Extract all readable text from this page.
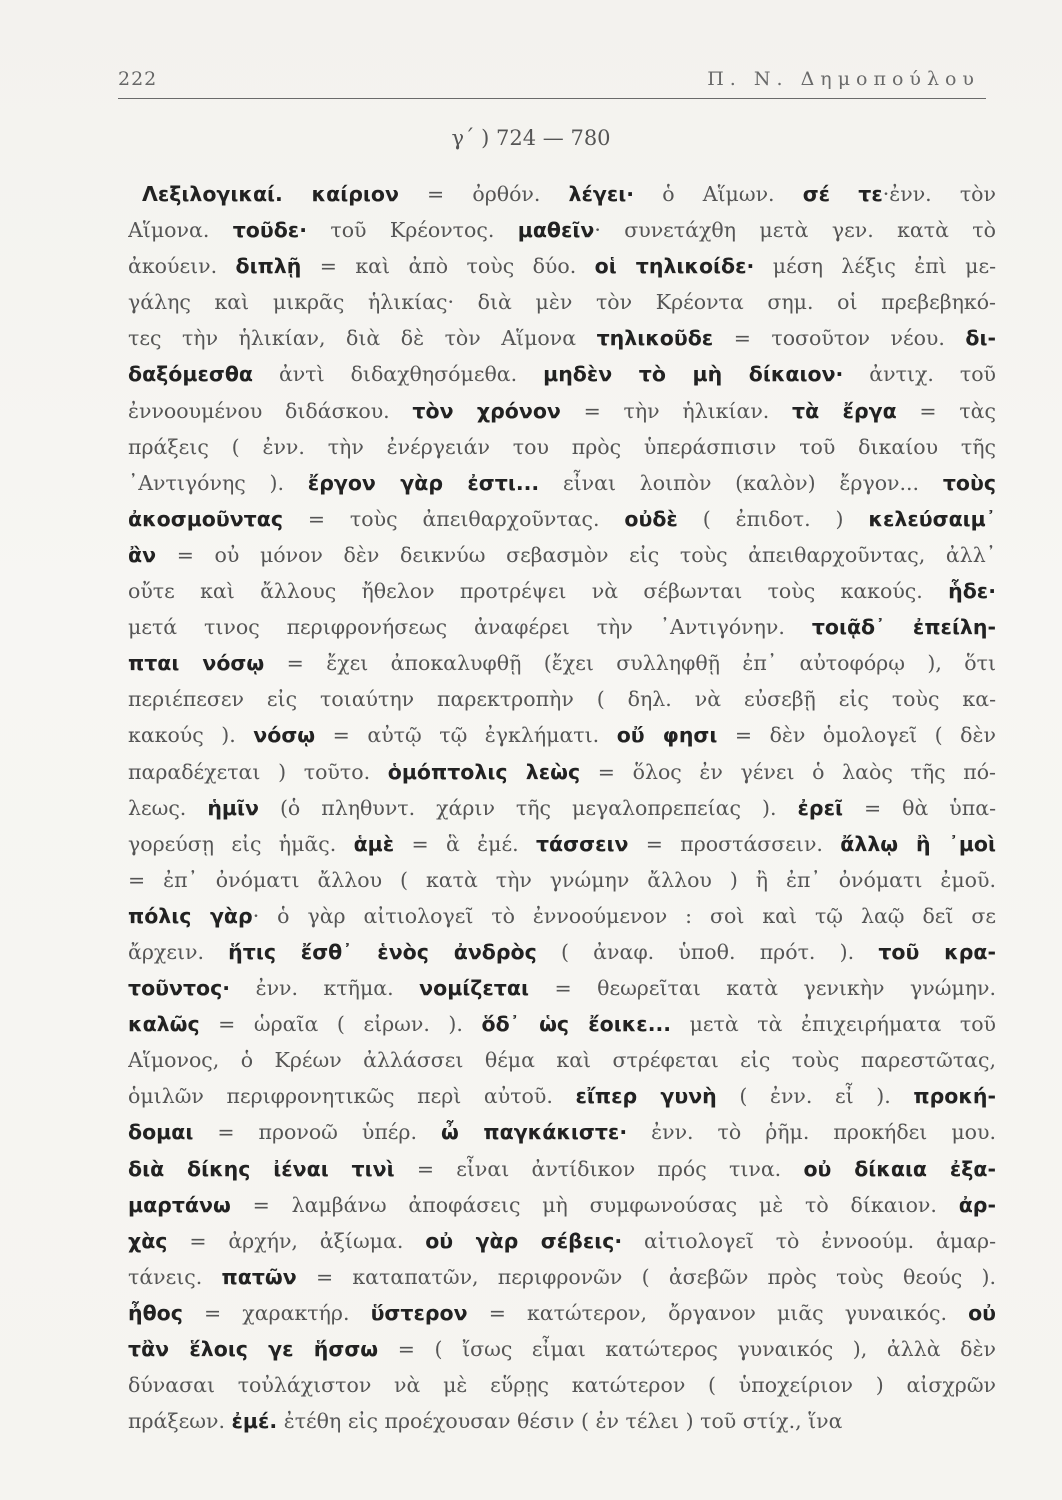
222	Π. Ν. Δημοπούλου
γ΄ ) 724 — 780
Λεξιλογικαί. καίριον = ὀρθόν. λέγει· ὁ Αἵμων. σέ τε·ἐνν. τὸν
Αἵμονα. τοῦδε· τοῦ Κρέοντος. μαθεῖν· συνετάχθη μετὰ γεν. κατὰ τὸ
ἀκούειν. διπλῇ = καὶ ἀπὸ τοὺς δύο. οἱ τηλικοίδε· μέση λέξις ἐπὶ με-
γάλης καὶ μικρᾶς ἡλικίας· διὰ μὲν τὸν Κρέοντα σημ. οἱ πρεβεβηκό-
τες τὴν ἡλικίαν, διὰ δὲ τὸν Αἵμονα τηλικοῦδε = τοσοῦτον νέου. δι-
δαξόμεσθα ἀντὶ διδαχθησόμεθα. μηδὲν τὸ μὴ δίκαιον· ἀντιχ. τοῦ
ἐννοουμένου διδάσκου. τὸν χρόνον = τὴν ἡλικίαν. τὰ ἔργα = τὰς
πράξεις ( ἐνν. τὴν ἐνέργειάν του πρὸς ὑπεράσπισιν τοῦ δικαίου τῆς
᾽Αντιγόνης ). ἔργον γὰρ ἐστι... εἶναι λοιπὸν (καλὸν) ἔργον... τοὺς
ἀκοσμοῦντας = τοὺς ἀπειθαρχοῦντας. οὐδὲ ( ἐπιδοτ. ) κελεύσαιμ᾽
ἂν = οὐ μόνον δὲν δεικνύω σεβασμὸν εἰς τοὺς ἀπειθαρχοῦντας, ἀλλ᾽
οὔτε καὶ ἄλλους ἤθελον προτρέψει νὰ σέβωνται τοὺς κακούς. ἧδε·
μετά τινος περιφρονήσεως ἀναφέρει τὴν ᾽Αντιγόνην. τοιᾷδ᾽ ἐπείλη-
πται νόσῳ = ἔχει ἀποκαλυφθῇ (ἔχει συλληφθῇ ἐπ᾽ αὐτοφόρῳ ), ὅτι
περιέπεσεν εἰς τοιαύτην παρεκτροπὴν ( δηλ. νὰ εὐσεβῇ εἰς τοὺς κα-
κακούς ). νόσῳ = αὐτῷ τῷ ἐγκλήματι. οὔ φησι = δὲν ὁμολογεῖ ( δὲν
παραδέχεται ) τοῦτο. ὁμόπτολις λεὼς = ὅλος ἐν γένει ὁ λαὸς τῆς πό-
λεως. ἡμῖν (ὁ πληθυντ. χάριν τῆς μεγαλοπρεπείας ). ἐρεῖ = θὰ ὑπα-
γορεύσῃ εἰς ἡμᾶς. ἁμὲ = ἃ ἐμέ. τάσσειν = προστάσσειν. ἄλλῳ ἢ ᾽μοὶ
= ἐπ᾽ ὀνόματι ἄλλου ( κατὰ τὴν γνώμην ἄλλου ) ἢ ἐπ᾽ ὀνόματι ἐμοῦ.
πόλις γὰρ· ὁ γὰρ αἰτιολογεῖ τὸ ἐννοούμενον : σοὶ καὶ τῷ λαῷ δεῖ σε
ἄρχειν. ἥτις ἔσθ᾽ ἑνὸς ἀνδρὸς ( ἀναφ. ὑποθ. πρότ. ). τοῦ κρα-
τοῦντος· ἐνν. κτῆμα. νομίζεται = θεωρεῖται κατὰ γενικὴν γνώμην.
καλῶς = ὡραῖα ( εἰρων. ). ὅδ᾽ ὡς ἔοικε... μετὰ τὰ ἐπιχειρήματα τοῦ
Αἵμονος, ὁ Κρέων ἀλλάσσει θέμα καὶ στρέφεται εἰς τοὺς παρεστῶτας,
ὁμιλῶν περιφρονητικῶς περὶ αὐτοῦ. εἴπερ γυνὴ ( ἐνν. εἶ ). προκή-
δομαι = προνοῶ ὑπέρ. ὦ παγκάκιστε· ἐνν. τὸ ῥῆμ. προκήδει μου.
διὰ δίκης ἰέναι τινὶ = εἶναι ἀντίδικον πρός τινα. οὐ δίκαια ἐξα-
μαρτάνω = λαμβάνω ἀποφάσεις μὴ συμφωνούσας μὲ τὸ δίκαιον. ἀρ-
χὰς = ἀρχήν, ἀξίωμα. οὐ γὰρ σέβεις· αἰτιολογεῖ τὸ ἐννοούμ. ἁμαρ-
τάνεις. πατῶν = καταπατῶν, περιφρονῶν ( ἀσεβῶν πρὸς τοὺς θεούς ).
ἦθος = χαρακτήρ. ὕστερον = κατώτερον, ὄργανον μιᾶς γυναικός. οὐ
τἂν ἕλοις γε ἥσσω = ( ἴσως εἶμαι κατώτερος γυναικός ), ἀλλὰ δὲν
δύνασαι τοὐλάχιστον νὰ μὲ εὕρῃς κατώτερον ( ὑποχείριον ) αἰσχρῶν
πράξεων. ἐμέ. ἐτέθη εἰς προέχουσαν θέσιν ( ἐν τέλει ) τοῦ στίχ., ἵνα
